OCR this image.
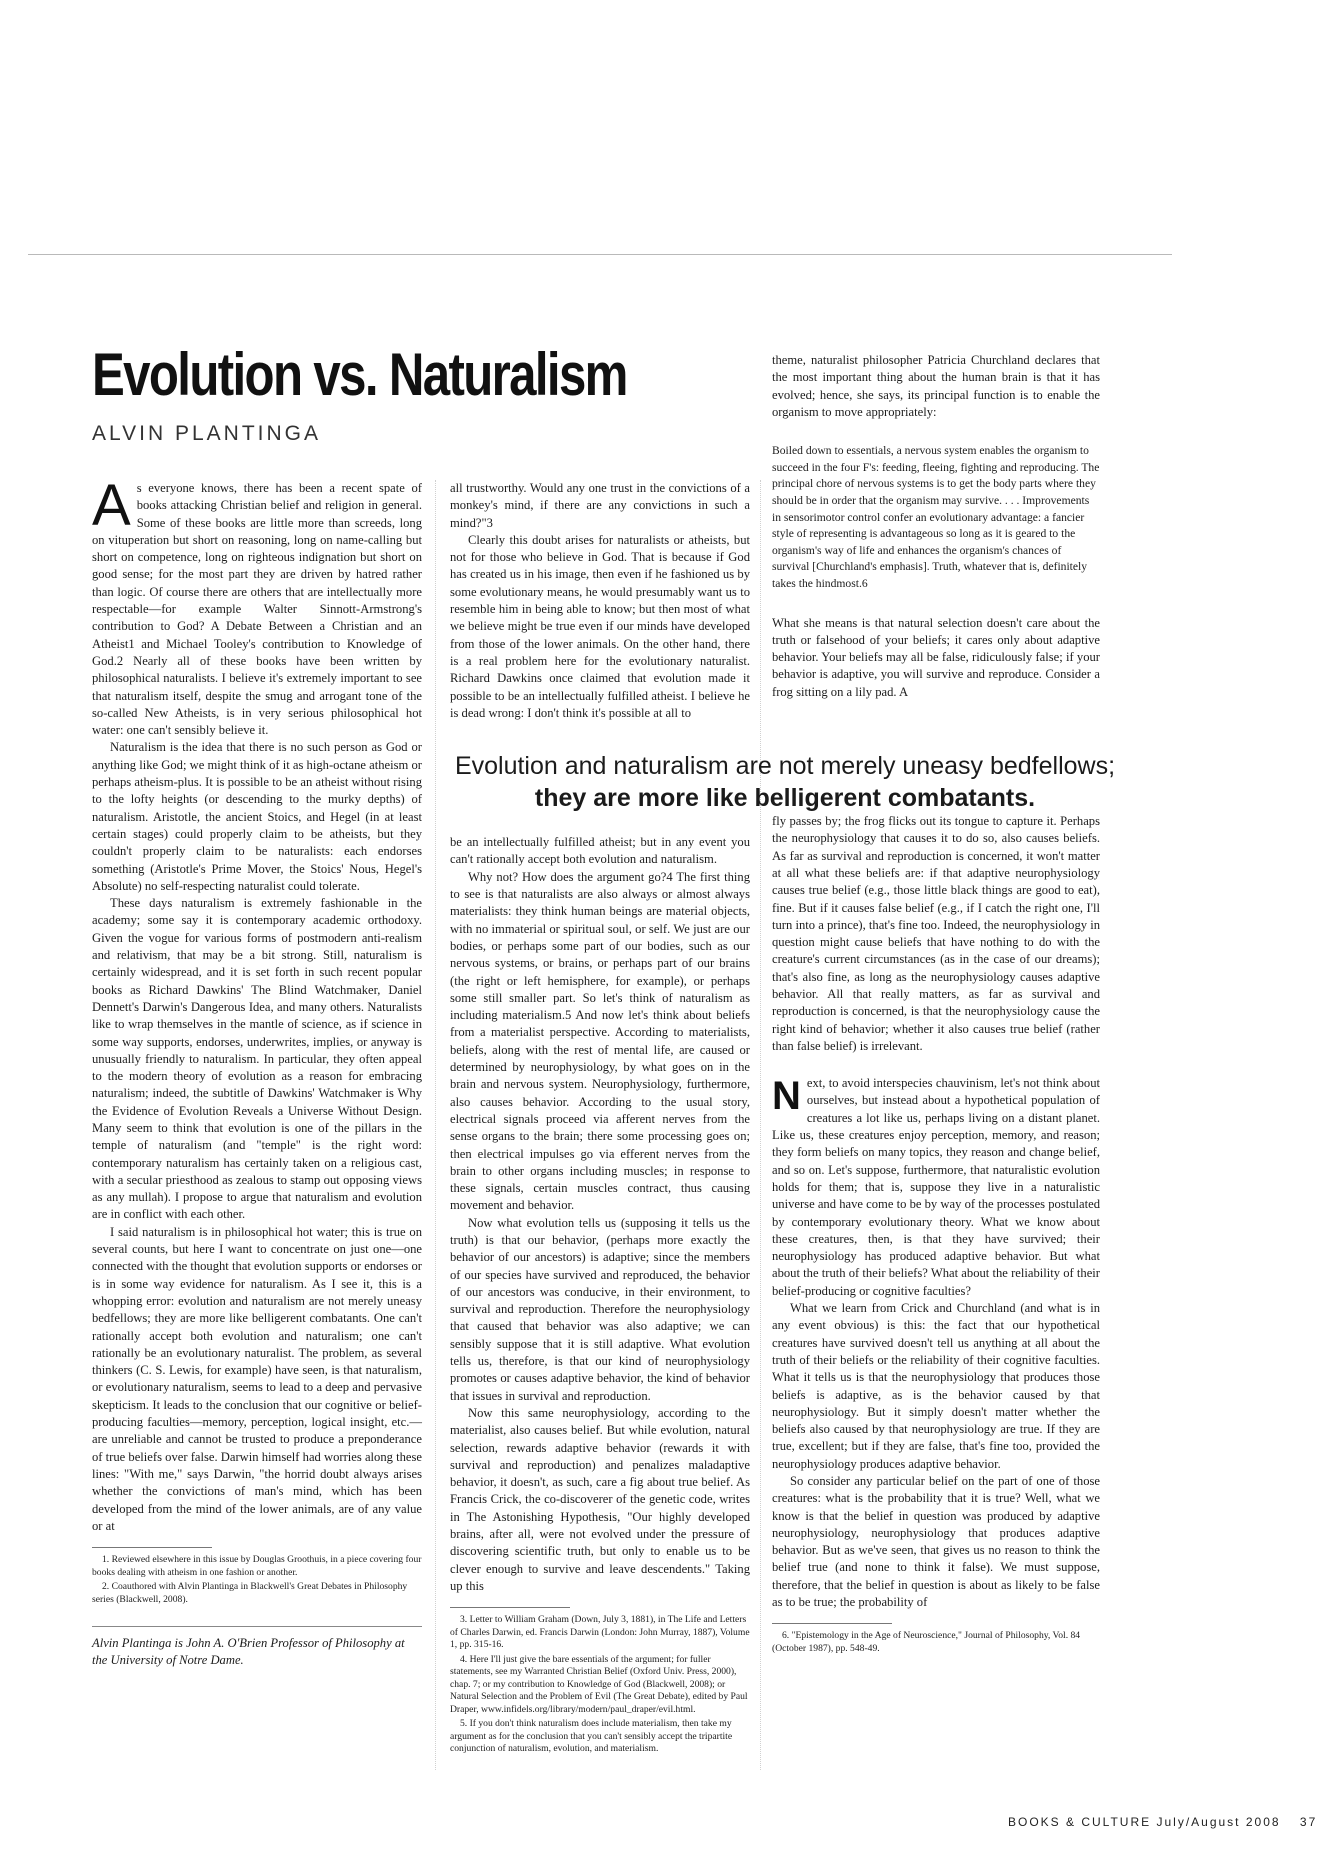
Evolution vs. Naturalism
ALVIN PLANTINGA

As everyone knows, there has been a recent spate of books attacking Christian belief and religion in general. Some of these books are little more than screeds, long on vituperation but short on reasoning, long on name-calling but short on competence, long on righteous indignation but short on good sense; for the most part they are driven by hatred rather than logic. Of course there are others that are intellectually more respectable—for example Walter Sinnott-Armstrong's contribution to God? A Debate Between a Christian and an Atheist1 and Michael Tooley's contribution to Knowledge of God.2 Nearly all of these books have been written by philosophical naturalists. I believe it's extremely important to see that naturalism itself, despite the smug and arrogant tone of the so-called New Atheists, is in very serious philosophical hot water: one can't sensibly believe it.

Naturalism is the idea that there is no such person as God or anything like God; we might think of it as high-octane atheism or perhaps atheism-plus. It is possible to be an atheist without rising to the lofty heights (or descending to the murky depths) of naturalism. Aristotle, the ancient Stoics, and Hegel (in at least certain stages) could properly claim to be atheists, but they couldn't properly claim to be naturalists: each endorses something (Aristotle's Prime Mover, the Stoics' Nous, Hegel's Absolute) no self-respecting naturalist could tolerate.

These days naturalism is extremely fashionable in the academy; some say it is contemporary academic orthodoxy. Given the vogue for various forms of postmodern anti-realism and relativism, that may be a bit strong. Still, naturalism is certainly widespread, and it is set forth in such recent popular books as Richard Dawkins' The Blind Watchmaker, Daniel Dennett's Darwin's Dangerous Idea, and many others. Naturalists like to wrap themselves in the mantle of science, as if science in some way supports, endorses, underwrites, implies, or anyway is unusually friendly to naturalism. In particular, they often appeal to the modern theory of evolution as a reason for embracing naturalism; indeed, the subtitle of Dawkins' Watchmaker is Why the Evidence of Evolution Reveals a Universe Without Design. Many seem to think that evolution is one of the pillars in the temple of naturalism (and "temple" is the right word: contemporary naturalism has certainly taken on a religious cast, with a secular priesthood as zealous to stamp out opposing views as any mullah). I propose to argue that naturalism and evolution are in conflict with each other.

I said naturalism is in philosophical hot water; this is true on several counts, but here I want to concentrate on just one—one connected with the thought that evolution supports or endorses or is in some way evidence for naturalism. As I see it, this is a whopping error: evolution and naturalism are not merely uneasy bedfellows; they are more like belligerent combatants. One can't rationally accept both evolution and naturalism; one can't rationally be an evolutionary naturalist. The problem, as several thinkers (C. S. Lewis, for example) have seen, is that naturalism, or evolutionary naturalism, seems to lead to a deep and pervasive skepticism. It leads to the conclusion that our cognitive or belief-producing faculties—memory, perception, logical insight, etc.—are unreliable and cannot be trusted to produce a preponderance of true beliefs over false. Darwin himself had worries along these lines: "With me," says Darwin, "the horrid doubt always arises whether the convictions of man's mind, which has been developed from the mind of the lower animals, are of any value or at

1. Reviewed elsewhere in this issue by Douglas Groothuis, in a piece covering four books dealing with atheism in one fashion or another.

2. Coauthored with Alvin Plantinga in Blackwell's Great Debates in Philosophy series (Blackwell, 2008).

Alvin Plantinga is John A. O'Brien Professor of Philosophy at the University of Notre Dame.

all trustworthy. Would any one trust in the convictions of a monkey's mind, if there are any convictions in such a mind?"3

Clearly this doubt arises for naturalists or atheists, but not for those who believe in God. That is because if God has created us in his image, then even if he fashioned us by some evolutionary means, he would presumably want us to resemble him in being able to know; but then most of what we believe might be true even if our minds have developed from those of the lower animals. On the other hand, there is a real problem here for the evolutionary naturalist. Richard Dawkins once claimed that evolution made it possible to be an intellectually fulfilled atheist. I believe he is dead wrong: I don't think it's possible at all to

be an intellectually fulfilled atheist; but in any event you can't rationally accept both evolution and naturalism.

Why not? How does the argument go?4 The first thing to see is that naturalists are also always or almost always materialists: they think human beings are material objects, with no immaterial or spiritual soul, or self. We just are our bodies, or perhaps some part of our bodies, such as our nervous systems, or brains, or perhaps part of our brains (the right or left hemisphere, for example), or perhaps some still smaller part. So let's think of naturalism as including materialism.5 And now let's think about beliefs from a materialist perspective. According to materialists, beliefs, along with the rest of mental life, are caused or determined by neurophysiology, by what goes on in the brain and nervous system. Neurophysiology, furthermore, also causes behavior. According to the usual story, electrical signals proceed via afferent nerves from the sense organs to the brain; there some processing goes on; then electrical impulses go via efferent nerves from the brain to other organs including muscles; in response to these signals, certain muscles contract, thus causing movement and behavior.

Now what evolution tells us (supposing it tells us the truth) is that our behavior, (perhaps more exactly the behavior of our ancestors) is adaptive; since the members of our species have survived and reproduced, the behavior of our ancestors was conducive, in their environment, to survival and reproduction. Therefore the neurophysiology that caused that behavior was also adaptive; we can sensibly suppose that it is still adaptive. What evolution tells us, therefore, is that our kind of neurophysiology promotes or causes adaptive behavior, the kind of behavior that issues in survival and reproduction.

Now this same neurophysiology, according to the materialist, also causes belief. But while evolution, natural selection, rewards adaptive behavior (rewards it with survival and reproduction) and penalizes maladaptive behavior, it doesn't, as such, care a fig about true belief. As Francis Crick, the co-discoverer of the genetic code, writes in The Astonishing Hypothesis, "Our highly developed brains, after all, were not evolved under the pressure of discovering scientific truth, but only to enable us to be clever enough to survive and leave descendents." Taking up this

3. Letter to William Graham (Down, July 3, 1881), in The Life and Letters of Charles Darwin, ed. Francis Darwin (London: John Murray, 1887), Volume 1, pp. 315-16.

4. Here I'll just give the bare essentials of the argument; for fuller statements, see my Warranted Christian Belief (Oxford Univ. Press, 2000), chap. 7; or my contribution to Knowledge of God (Blackwell, 2008); or Natural Selection and the Problem of Evil (The Great Debate), edited by Paul Draper, www.infidels.org/library/modern/paul_draper/evil.html.

5. If you don't think naturalism does include materialism, then take my argument as for the conclusion that you can't sensibly accept the tripartite conjunction of naturalism, evolution, and materialism.

theme, naturalist philosopher Patricia Churchland declares that the most important thing about the human brain is that it has evolved; hence, she says, its principal function is to enable the organism to move appropriately:

Boiled down to essentials, a nervous system enables the organism to succeed in the four F's: feeding, fleeing, fighting and reproducing. The principal chore of nervous systems is to get the body parts where they should be in order that the organism may survive. . . . Improvements in sensorimotor control confer an evolutionary advantage: a fancier style of representing is advantageous so long as it is geared to the organism's way of life and enhances the organism's chances of survival [Churchland's emphasis]. Truth, whatever that is, definitely takes the hindmost.6

What she means is that natural selection doesn't care about the truth or falsehood of your beliefs; it cares only about adaptive behavior. Your beliefs may all be false, ridiculously false; if your behavior is adaptive, you will survive and reproduce. Consider a frog sitting on a lily pad. A

fly passes by; the frog flicks out its tongue to capture it. Perhaps the neurophysiology that causes it to do so, also causes beliefs. As far as survival and reproduction is concerned, it won't matter at all what these beliefs are: if that adaptive neurophysiology causes true belief (e.g., those little black things are good to eat), fine. But if it causes false belief (e.g., if I catch the right one, I'll turn into a prince), that's fine too. Indeed, the neurophysiology in question might cause beliefs that have nothing to do with the creature's current circumstances (as in the case of our dreams); that's also fine, as long as the neurophysiology causes adaptive behavior. All that really matters, as far as survival and reproduction is concerned, is that the neurophysiology cause the right kind of behavior; whether it also causes true belief (rather than false belief) is irrelevant.

Next, to avoid interspecies chauvinism, let's not think about ourselves, but instead about a hypothetical population of creatures a lot like us, perhaps living on a distant planet. Like us, these creatures enjoy perception, memory, and reason; they form beliefs on many topics, they reason and change belief, and so on. Let's suppose, furthermore, that naturalistic evolution holds for them; that is, suppose they live in a naturalistic universe and have come to be by way of the processes postulated by contemporary evolutionary theory. What we know about these creatures, then, is that they have survived; their neurophysiology has produced adaptive behavior. But what about the truth of their beliefs? What about the reliability of their belief-producing or cognitive faculties?

What we learn from Crick and Churchland (and what is in any event obvious) is this: the fact that our hypothetical creatures have survived doesn't tell us anything at all about the truth of their beliefs or the reliability of their cognitive faculties. What it tells us is that the neurophysiology that produces those beliefs is adaptive, as is the behavior caused by that neurophysiology. But it simply doesn't matter whether the beliefs also caused by that neurophysiology are true. If they are true, excellent; but if they are false, that's fine too, provided the neurophysiology produces adaptive behavior.

So consider any particular belief on the part of one of those creatures: what is the probability that it is true? Well, what we know is that the belief in question was produced by adaptive neurophysiology, neurophysiology that produces adaptive behavior. But as we've seen, that gives us no reason to think the belief true (and none to think it false). We must suppose, therefore, that the belief in question is about as likely to be false as to be true; the probability of

6. "Epistemology in the Age of Neuroscience," Journal of Philosophy, Vol. 84 (October 1987), pp. 548-49.

Evolution and naturalism are not merely uneasy bedfellows;
they are more like belligerent combatants.
BOOKS & CULTURE July/August 2008 37
